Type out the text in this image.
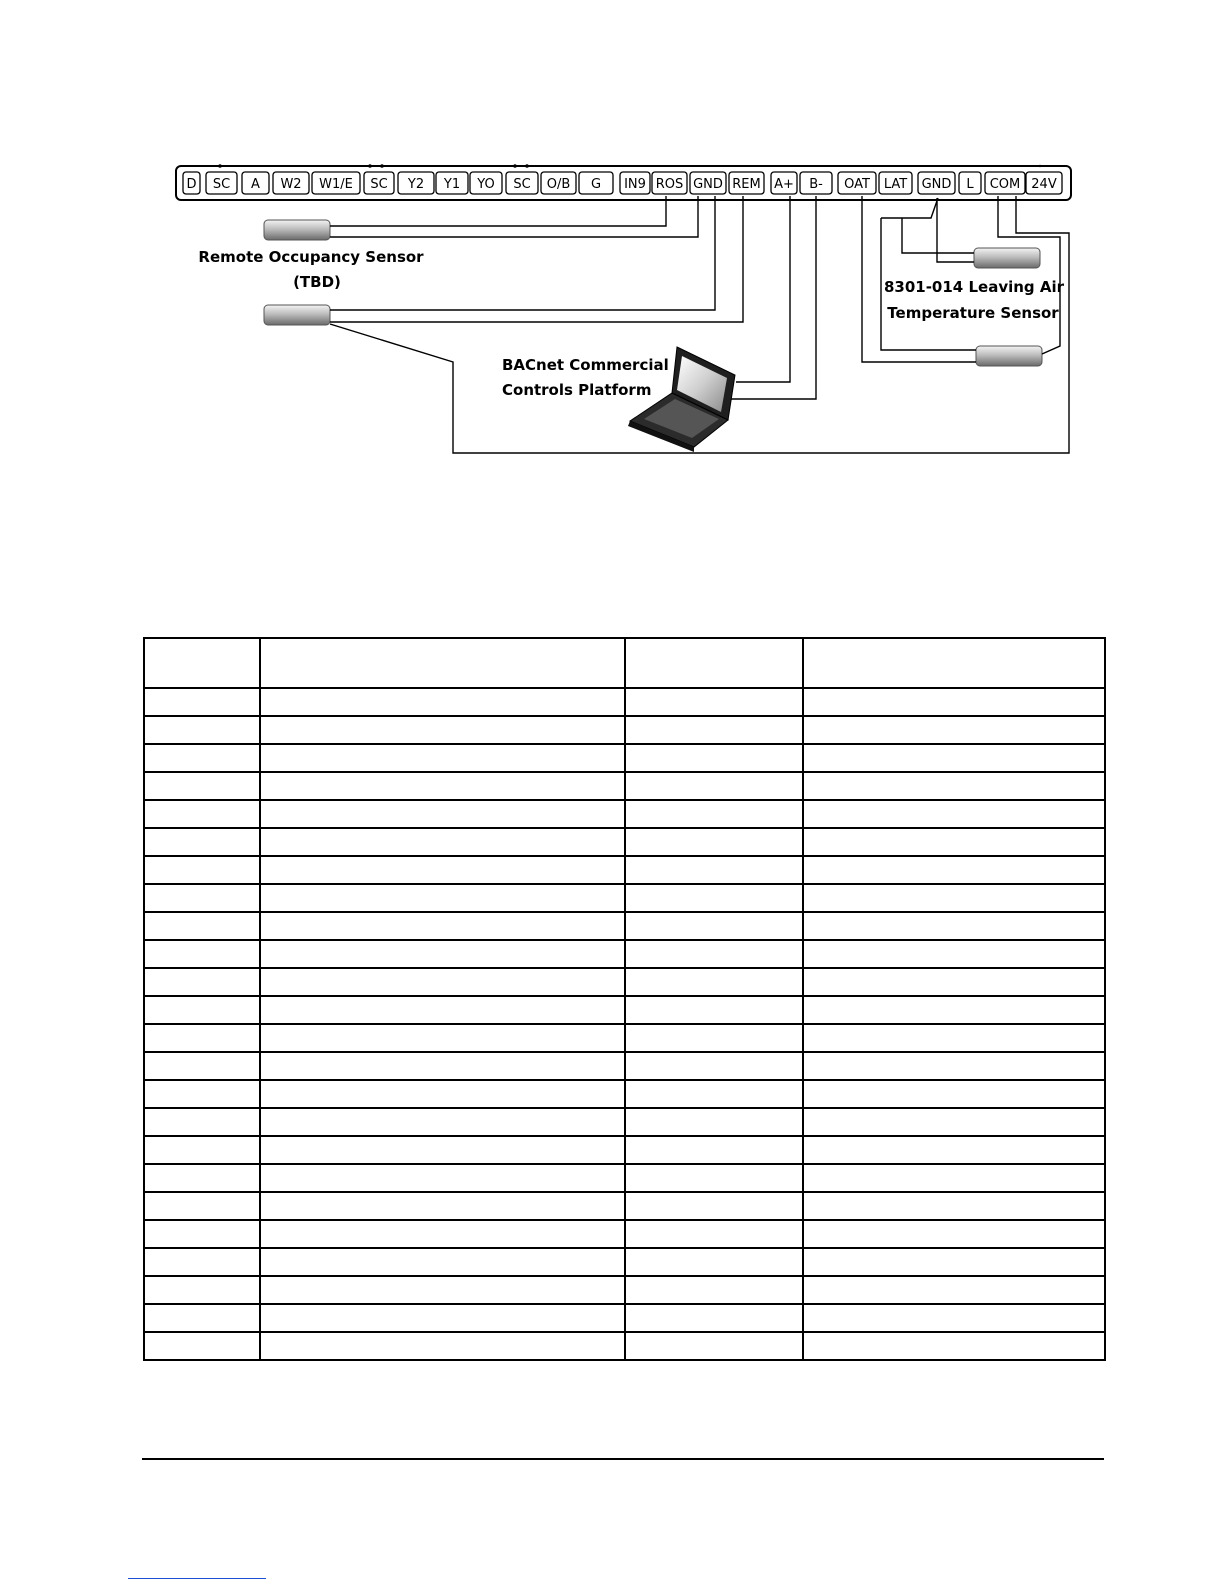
D SC A W2 W1/E SC Y2 Y1 YO SC O/B G IN9 ROS GND REM A+ B- OAT LAT GND L COM 24V
Remote Occupancy Sensor
(TBD)
BACnet Commercial
Controls Platform
8301-014 Leaving Air
Temperature Sensor
